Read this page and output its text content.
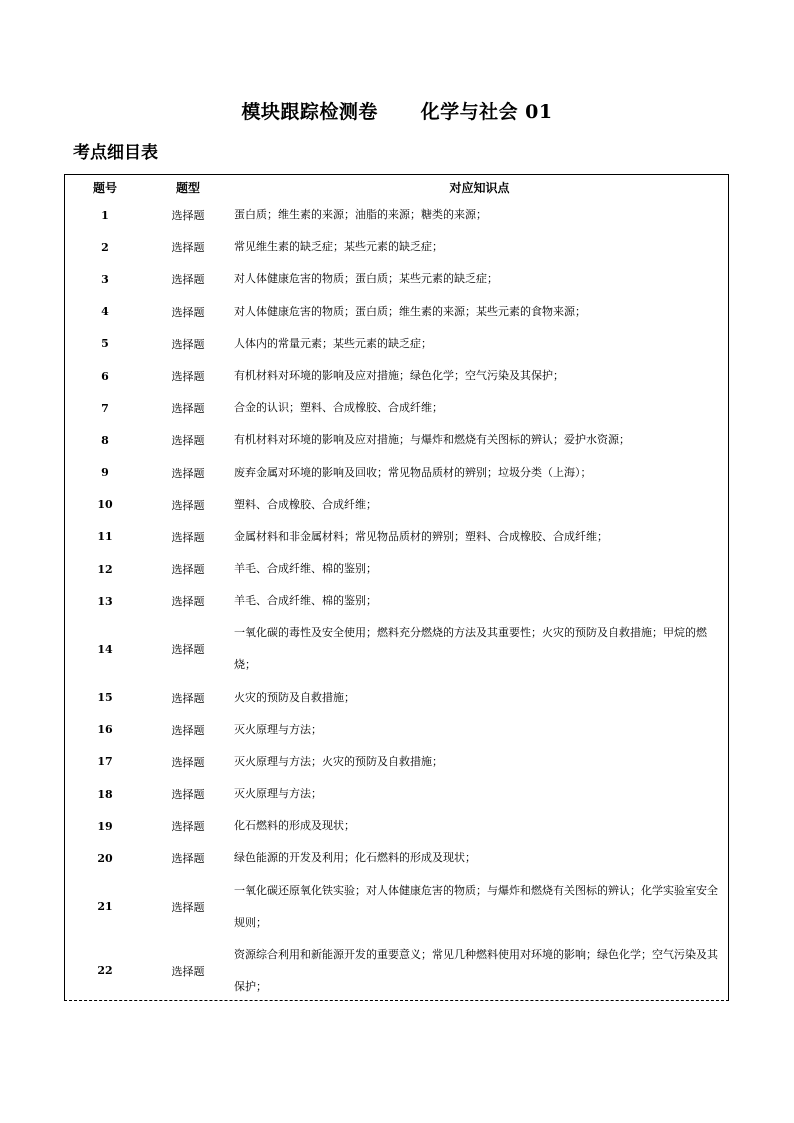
模块跟踪检测卷      化学与社会 01
考点细目表
题号	题型	对应知识点
1	选择题	蛋白质；维生素的来源；油脂的来源；糖类的来源；
2	选择题	常见维生素的缺乏症；某些元素的缺乏症；
3	选择题	对人体健康危害的物质；蛋白质；某些元素的缺乏症；
4	选择题	对人体健康危害的物质；蛋白质；维生素的来源；某些元素的食物来源；
5	选择题	人体内的常量元素；某些元素的缺乏症；
6	选择题	有机材料对环境的影响及应对措施；绿色化学；空气污染及其保护；
7	选择题	合金的认识；塑料、合成橡胶、合成纤维；
8	选择题	有机材料对环境的影响及应对措施；与爆炸和燃烧有关图标的辨认；爱护水资源；
9	选择题	废弃金属对环境的影响及回收；常见物品质材的辨别；垃圾分类（上海）；
10	选择题	塑料、合成橡胶、合成纤维；
11	选择题	金属材料和非金属材料；常见物品质材的辨别；塑料、合成橡胶、合成纤维；
12	选择题	羊毛、合成纤维、棉的鉴别；
13	选择题	羊毛、合成纤维、棉的鉴别；
14	选择题	一氧化碳的毒性及安全使用；燃料充分燃烧的方法及其重要性；火灾的预防及自救措施；甲烷的燃烧；
15	选择题	火灾的预防及自救措施；
16	选择题	灭火原理与方法；
17	选择题	灭火原理与方法；火灾的预防及自救措施；
18	选择题	灭火原理与方法；
19	选择题	化石燃料的形成及现状；
20	选择题	绿色能源的开发及利用；化石燃料的形成及现状；
21	选择题	一氧化碳还原氧化铁实验；对人体健康危害的物质；与爆炸和燃烧有关图标的辨认；化学实验室安全规则；
22	选择题	资源综合利用和新能源开发的重要意义；常见几种燃料使用对环境的影响；绿色化学；空气污染及其保护；
